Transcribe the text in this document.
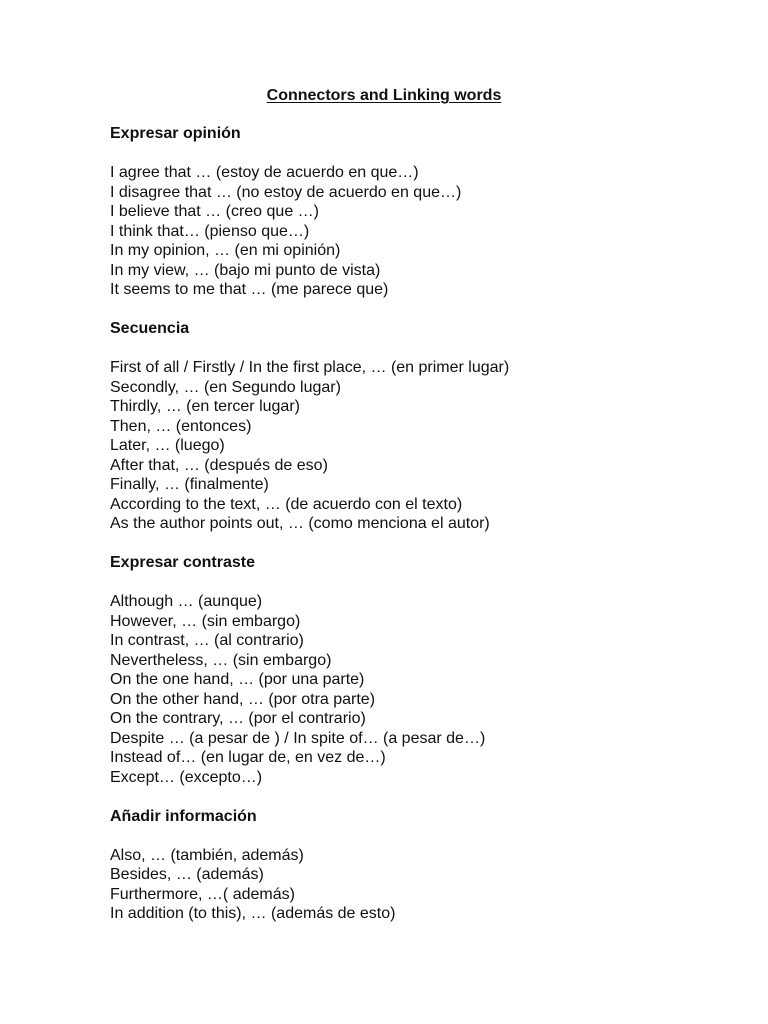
Connectors and Linking words
Expresar opinión
I agree that … (estoy de acuerdo en que…)
I disagree that … (no estoy de acuerdo en que…)
I believe that … (creo que …)
I think that… (pienso que…)
In my opinion, … (en mi opinión)
In my view, … (bajo mi punto de vista)
It seems to me that … (me parece que)
Secuencia
First of all / Firstly / In the first place, … (en primer lugar)
Secondly, … (en Segundo lugar)
Thirdly, … (en tercer lugar)
Then, … (entonces)
Later, … (luego)
After that, … (después de eso)
Finally, … (finalmente)
According to the text, … (de acuerdo con el texto)
As the author points out, … (como menciona el autor)
Expresar contraste
Although … (aunque)
However, … (sin embargo)
In contrast, … (al contrario)
Nevertheless, … (sin embargo)
On the one hand, … (por una parte)
On the other hand, … (por otra parte)
On the contrary, … (por el contrario)
Despite … (a pesar de ) / In spite of… (a pesar de…)
Instead of… (en lugar de, en vez de…)
Except… (excepto…)
Añadir información
Also, … (también, además)
Besides, … (además)
Furthermore, …( además)
In addition (to this), … (además de esto)
